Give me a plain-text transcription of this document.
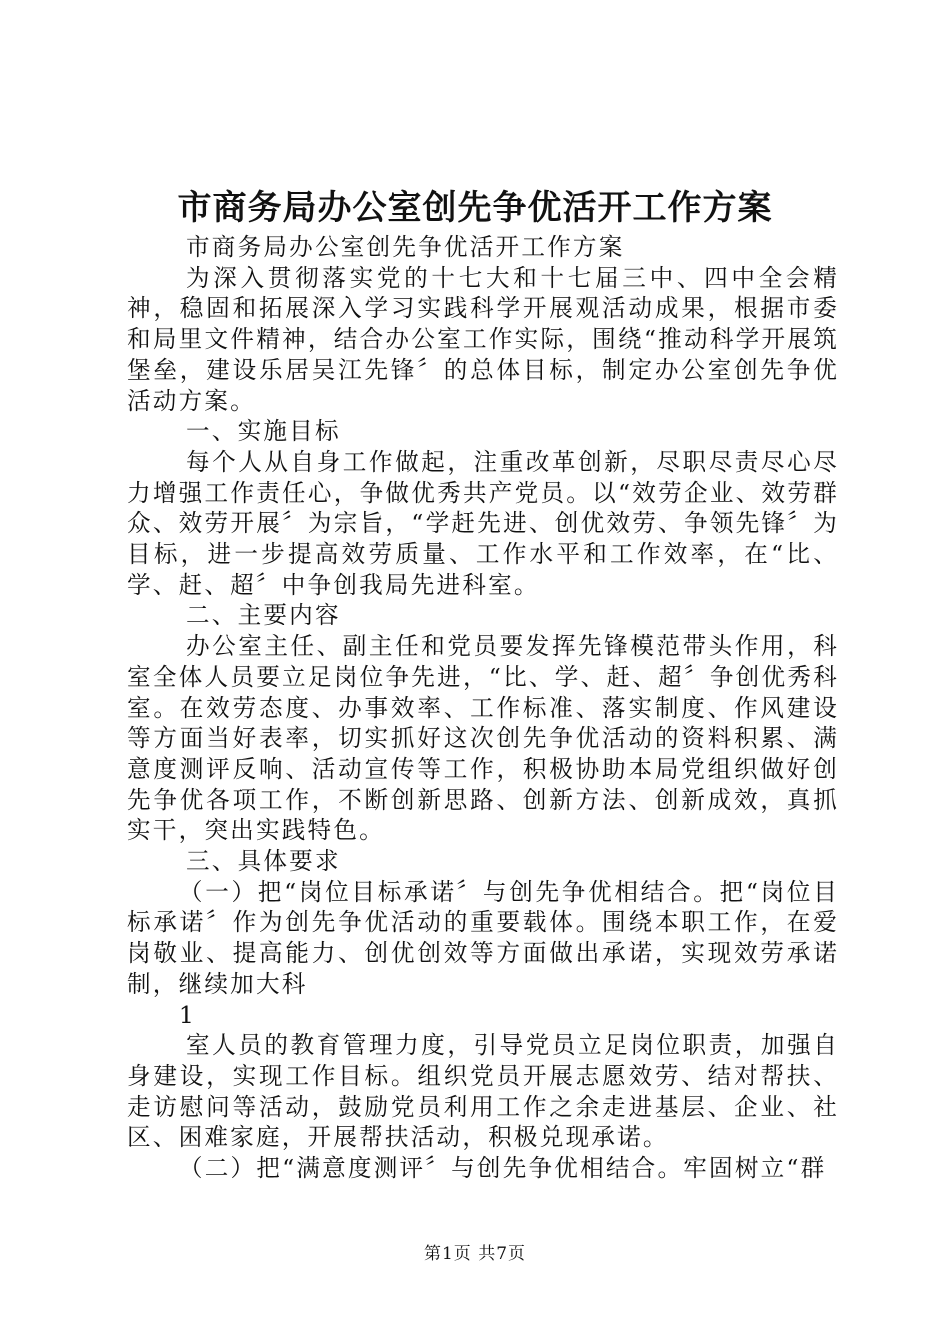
市商务局办公室创先争优活开工作方案

市商务局办公室创先争优活开工作方案

为深入贯彻落实党的十七大和十七届三中、四中全会精神，稳固和拓展深入学习实践科学开展观活动成果，根据市委和局里文件精神，结合办公室工作实际，围绕“推动科学开展筑堡垒，建设乐居吴江先锋〞的总体目标，制定办公室创先争优活动方案。

一、实施目标

每个人从自身工作做起，注重改革创新，尽职尽责尽心尽力增强工作责任心，争做优秀共产党员。以“效劳企业、效劳群众、效劳开展〞为宗旨，“学赶先进、创优效劳、争领先锋〞为目标，进一步提高效劳质量、工作水平和工作效率，在“比、学、赶、超〞中争创我局先进科室。

二、主要内容

办公室主任、副主任和党员要发挥先锋模范带头作用，科室全体人员要立足岗位争先进，“比、学、赶、超〞争创优秀科室。在效劳态度、办事效率、工作标准、落实制度、作风建设等方面当好表率，切实抓好这次创先争优活动的资料积累、满意度测评反响、活动宣传等工作，积极协助本局党组织做好创先争优各项工作，不断创新思路、创新方法、创新成效，真抓实干，突出实践特色。

三、具体要求

（一）把“岗位目标承诺〞与创先争优相结合。把“岗位目标承诺〞作为创先争优活动的重要载体。围绕本职工作，在爱岗敬业、提高能力、创优创效等方面做出承诺，实现效劳承诺制，继续加大科

1

室人员的教育管理力度，引导党员立足岗位职责，加强自身建设，实现工作目标。组织党员开展志愿效劳、结对帮扶、走访慰问等活动，鼓励党员利用工作之余走进基层、企业、社区、困难家庭，开展帮扶活动，积极兑现承诺。

（二）把“满意度测评〞与创先争优相结合。牢固树立“群

第1页 共7页
